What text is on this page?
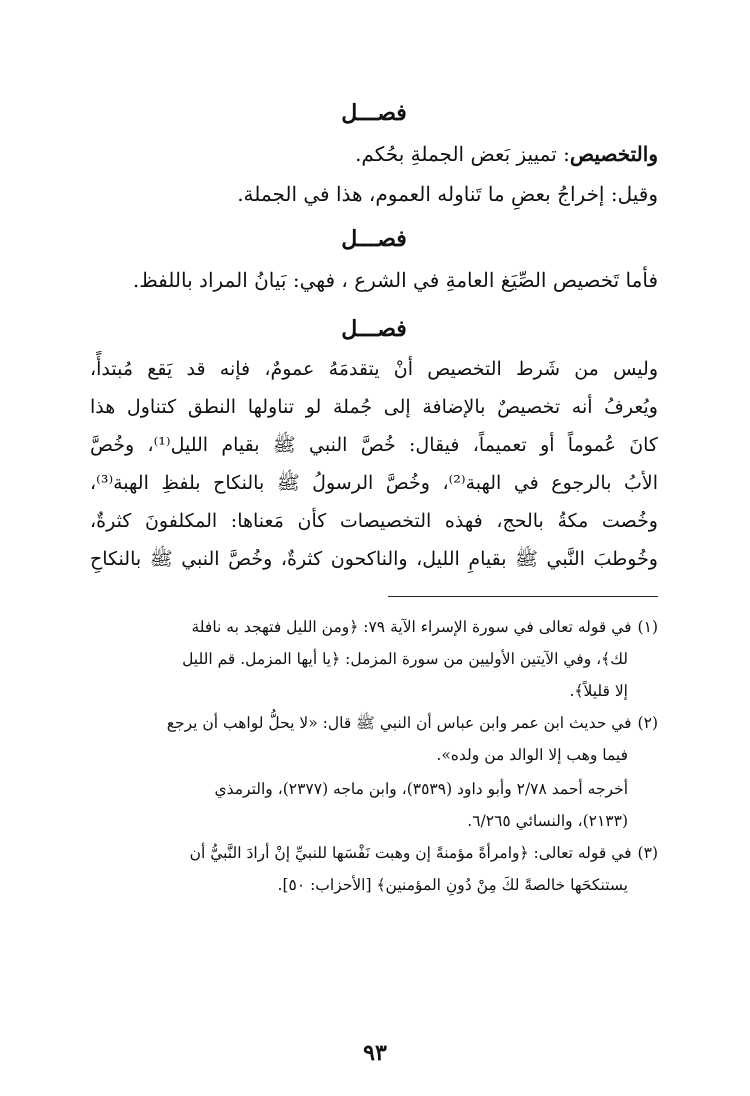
فصـــل

والتخصيص: تمييز بَعض الجملةِ بحُكم.

وقيل: إخراجُ بعضِ ما تَناوله العموم، هذا في الجملة.

فصـــل

فأما تَخصيص الصِّيَغ العامةِ في الشرع ، فهي: بَيانُ المراد باللفظ.

فصـــل
وليس من شَرط التخصيص أنْ يتقدمَهُ عمومٌ، فإنه قد يَقع مُبتدأً،
ويُعرفُ أنه تخصيصٌ بالإضافة إلى جُملة لو تناولها النطق كتناول هذا
كانَ عُموماً أو تعميماً، فيقال: خُصَّ النبي ﷺ بقيام الليل⁽¹⁾، وخُصَّ
الأبُ بالرجوع في الهبة⁽²⁾، وخُصَّ الرسولُ ﷺ بالنكاح بلفظِ الهبة⁽³⁾،
وخُصت مكةُ بالحج، فهذه التخصيصات كأن مَعناها: المكلفونَ كثرةٌ،
وخُوطبَ النَّبي ﷺ بقيامِ الليل، والناكحون كثرةٌ، وخُصَّ النبي ﷺ بالنكاحِ
(١)في قوله تعالى في سورة الإسراء الآية ٧٩: ﴿ومن الليل فتهجد به نافلة
لك﴾، وفي الآيتين الأوليين من سورة المزمل: ﴿يا أيها المزمل. قم الليل
إلا قليلاً﴾.
(٢)في حديث ابن عمر وابن عباس أن النبي ﷺ قال: «لا يحلُّ لواهب أن يرجع
فيما وهب إلا الوالد من ولده».
أخرجه أحمد ٢/٧٨ وأبو داود (٣٥٣٩)، وابن ماجه (٢٣٧٧)، والترمذي
(٢١٣٣)، والنسائي ٦/٢٦٥.
(٣)في قوله تعالى: ﴿وامرأةً مؤمنةً إن وهبت نَفْسَها للنبيِّ إنْ أرادَ النَّبيُّ أن
يستنكحَها خالصةً لكَ مِنْ دُونِ المؤمنين﴾ [الأحزاب: ٥٠].
٩٣
